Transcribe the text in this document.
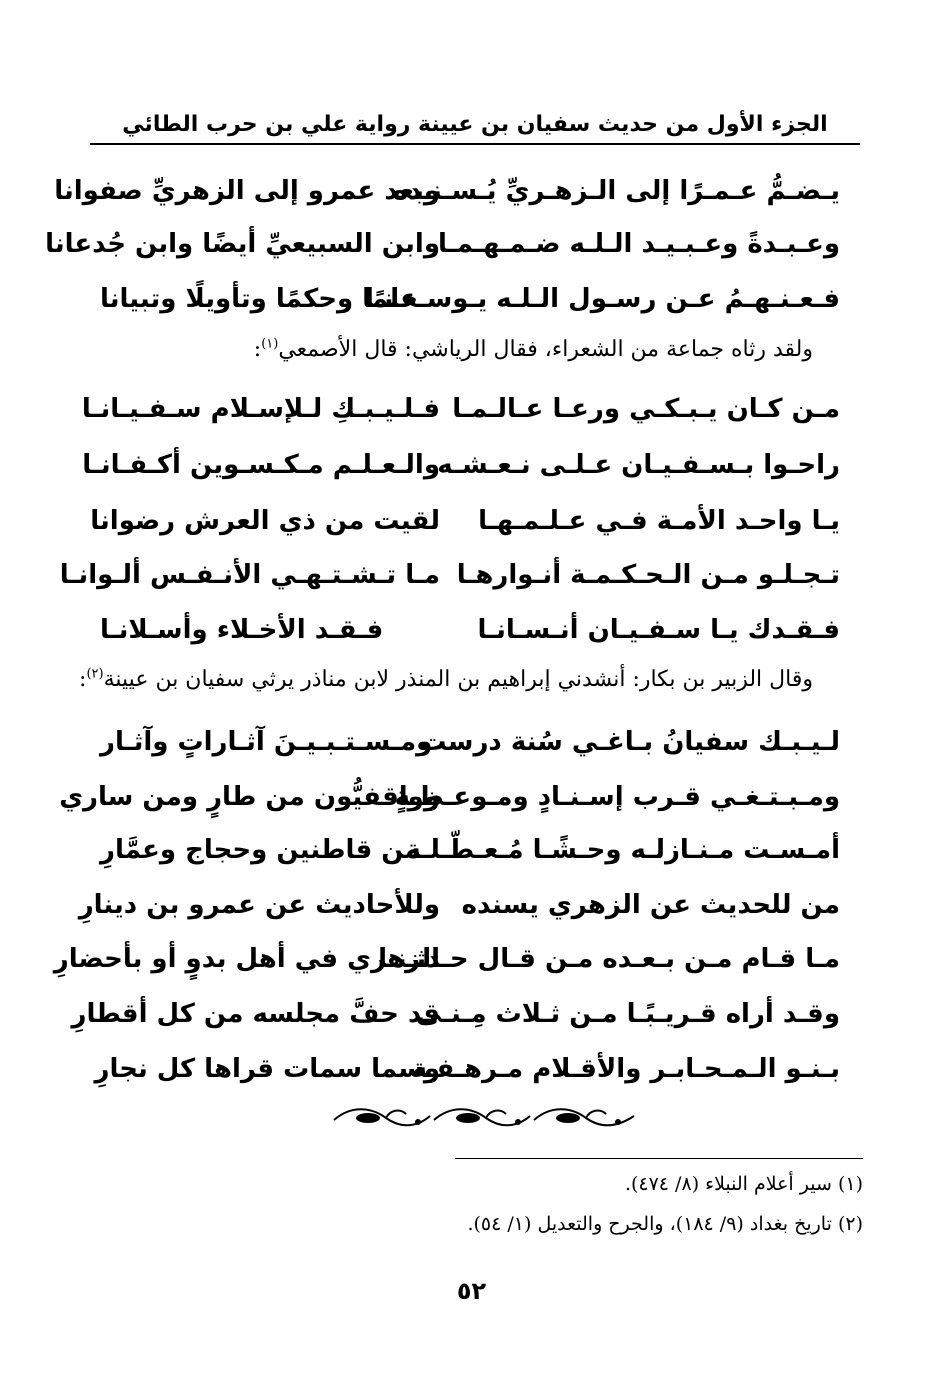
الجزء الأول من حديث سفيان بن عيينة رواية علي بن حرب الطائي
يـضـمُّ عـمـرًا إلى الـزهـريِّ يُـسـنـده
وبعد عمرو إلى الزهريِّ صفوانا
وعـبـدةً وعـبـيـد الـلـه ضـمـهـمـا
وابن السبيعيِّ أيضًا وابن جُدعانا
فـعـنـهـمُ عـن رسـول الـلـه يـوسـعـنـا
علمًا وحكمًا وتأويلًا وتبيانا
ولقد رثاه جماعة من الشعراء، فقال الرياشي: قال الأصمعي$^{(١)}$:
مـن كـان يـبـكـي ورعـا عـالـمـا
فـلـيـبـكِ لـلإسـلام سـفـيـانـا
راحـوا بـسـفـيـان عـلـى نـعـشـه
والـعـلـم مـكـسـوين أكـفـانـا
يـا واحـد الأمـة فـي عـلـمـهـا
لقيت من ذي العرش رضوانا
تـجـلـو مـن الـحـكـمـة أنـوارهـا
مـا تـشـتـهـي الأنـفـس ألـوانـا
فـقـدك يـا سـفـيـان أنـسـانـا
فـقـد الأخـلاء وأسـلانـا
وقال الزبير بن بكار: أنشدني إبراهيم بن المنذر لابن مناذر يرثي سفيان بن عيينة$^{(٢)}$:
لـيـبـك سفيانُ بـاغـي سُنة درست
ومـسـتـبـيـنَ آثـاراتٍ وآثـار
ومـبـتـغـي قـرب إسـنـادٍ ومـوعـظـةٍ
وواقفيُّون من طارٍ ومن ساري
أمـسـت مـنـازلـه وحـشًـا مُـعـطّـلـة
من قاطنين وحجاج وعمَّارِ
من للحديث عن الزهري يسنده
وللأحاديث عن عمرو بن دينارِ
مـا قـام مـن بـعـده مـن قـال حـدثـنـا
الزهري في أهل بدوٍ أو بأحضارِ
وقـد أراه قـريـبًـا مـن ثـلاث مِـنـى
قد حفَّ مجلسه من كل أقطارِ
بـنـو الـمـحـابـر والأقـلام مـرهـفـة
وسما سمات قراها كل نجارِ
(١) سير أعلام النبلاء (٨/ ٤٧٤).
(٢) تاريخ بغداد (٩/ ١٨٤)، والجرح والتعديل (١/ ٥٤).
٥٢
